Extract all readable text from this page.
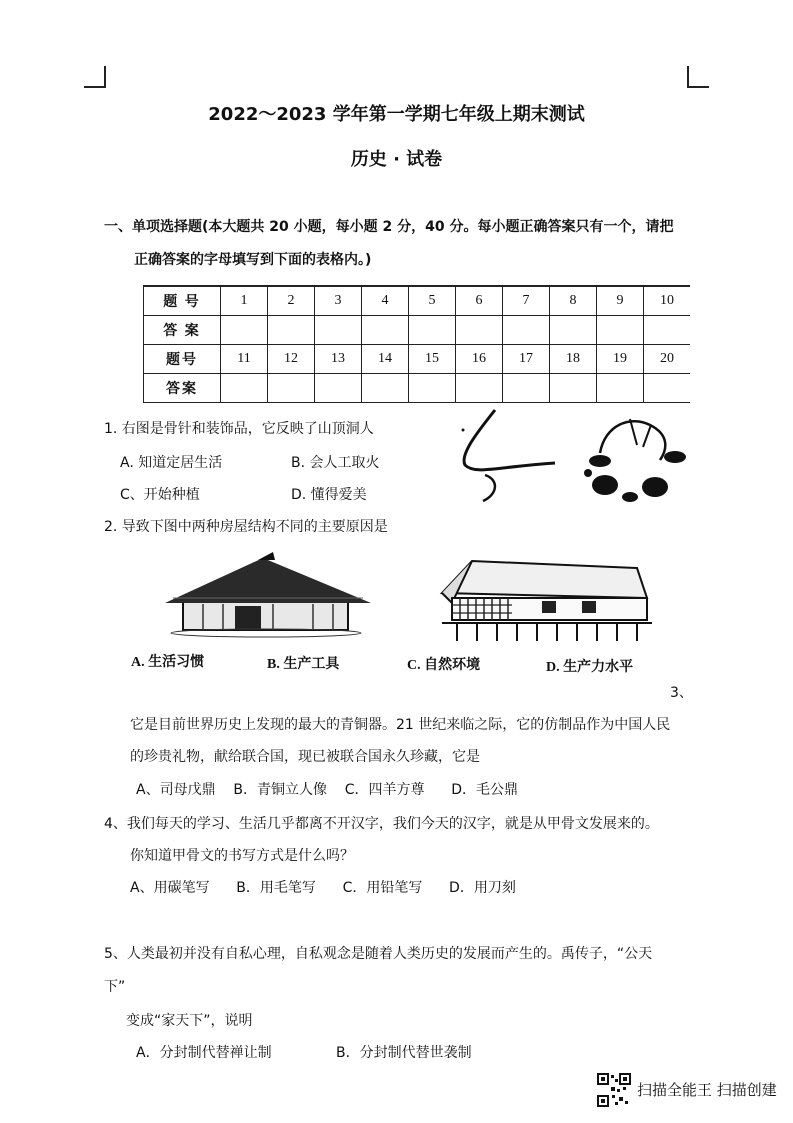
2022～2023 学年第一学期七年级上期末测试
历史 · 试卷
一、单项选择题(本大题共 20 小题，每小题 2 分，40 分。每小题正确答案只有一个，请把
正确答案的字母填写到下面的表格内。)
题 号	1	2	3	4	5	6	7	8	9	10
答 案										
题号	11	12	13	14	15	16	17	18	19	20
答案										
1. 右图是骨针和装饰品，它反映了山顶洞人
A. 知道定居生活	B. 会人工取火
C、开始种植	D. 懂得爱美
2. 导致下图中两种房屋结构不同的主要原因是
A. 生活习惯	B. 生产工具	C. 自然环境	D. 生产力水平
3、
它是目前世界历史上发现的最大的青铜器。21 世纪来临之际，它的仿制品作为中国人民
的珍贵礼物，献给联合国，现已被联合国永久珍藏，它是
A、司母戊鼎    B．青铜立人像    C．四羊方尊      D．毛公鼎
4、我们每天的学习、生活几乎都离不开汉字，我们今天的汉字，就是从甲骨文发展来的。
你知道甲骨文的书写方式是什么吗？
A、用碳笔写      B．用毛笔写      C．用铅笔写      D．用刀刻
5、人类最初并没有自私心理，自私观念是随着人类历史的发展而产生的。禹传子，“公天
下”
变成“家天下”，说明
A．分封制代替禅让制	B．分封制代替世袭制
扫描全能王 扫描创建
